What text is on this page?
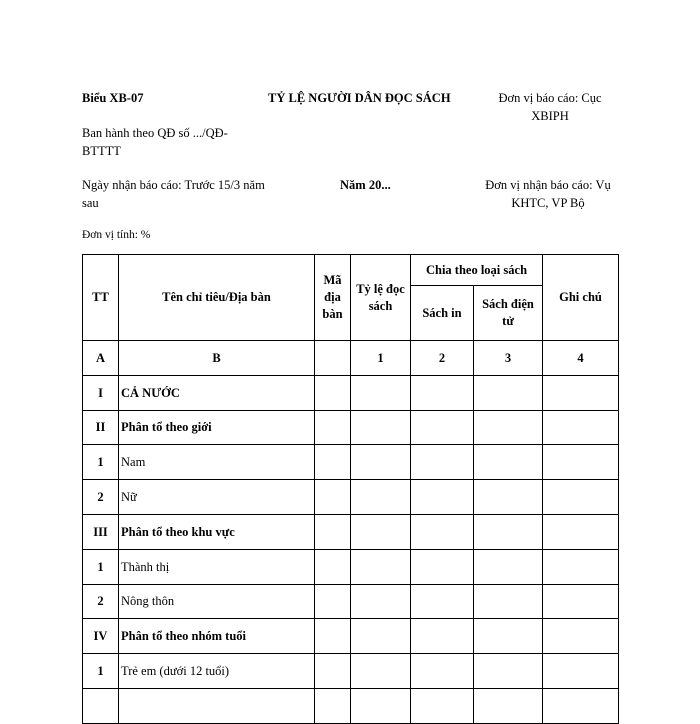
Biểu XB-07	TỶ LỆ NGƯỜI DÂN ĐỌC SÁCH	Đơn vị báo cáo: Cục XBIPH
Ban hành theo QĐ số .../QĐ-BTTTT
Ngày nhận báo cáo: Trước 15/3 năm sau
Năm 20...	Đơn vị nhận báo cáo: Vụ KHTC, VP Bộ
Đơn vị tính: %
TT	Tên chỉ tiêu/Địa bàn	Mã địa bàn	Tỷ lệ đọc sách	Chia theo loại sách		Ghi chú
				Sách in	Sách điện tử	
A	B		1	2	3	4
I	CẢ NƯỚC					
II	Phân tổ theo giới					
1	Nam					
2	Nữ					
III	Phân tổ theo khu vực					
1	Thành thị					
2	Nông thôn					
IV	Phân tổ theo nhóm tuổi					
1	Trẻ em (dưới 12 tuổi)					
